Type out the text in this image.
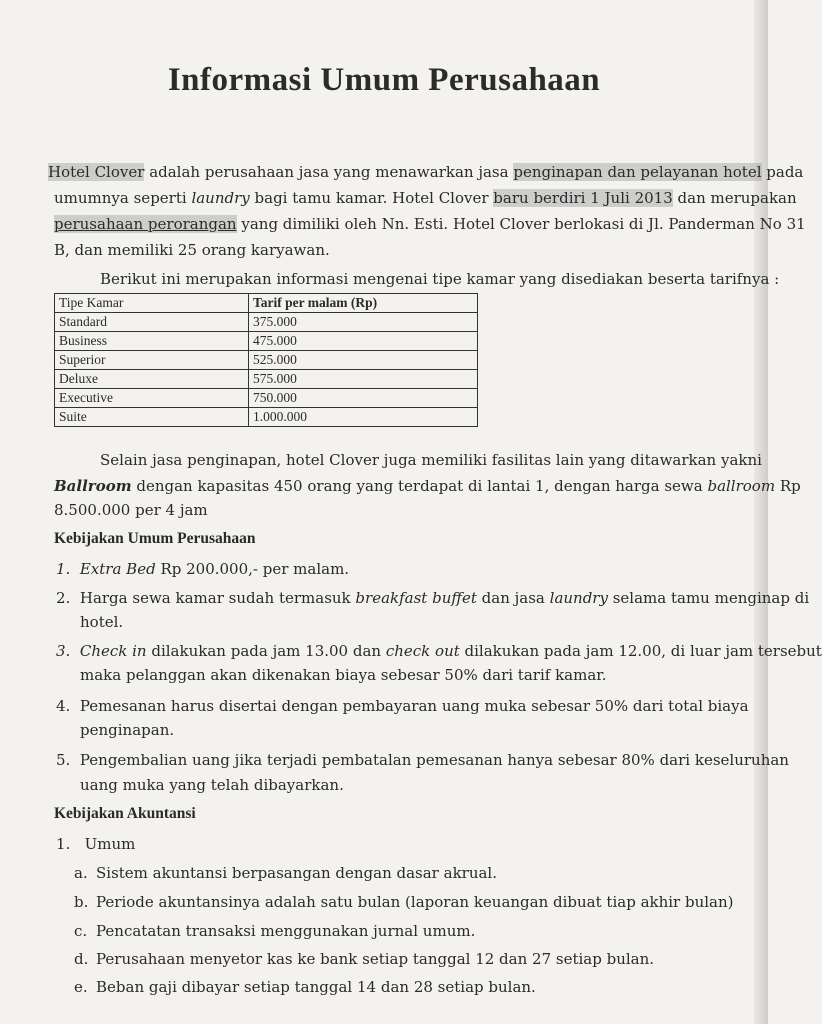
Informasi Umum Perusahaan
Hotel Clover adalah perusahaan jasa yang menawarkan jasa penginapan dan pelayanan hotel pada
umumnya seperti laundry bagi tamu kamar. Hotel Clover baru berdiri 1 Juli 2013 dan merupakan
perusahaan perorangan yang dimiliki oleh Nn. Esti. Hotel Clover berlokasi di Jl. Panderman No 31
B, dan memiliki 25 orang karyawan.
Berikut ini merupakan informasi mengenai tipe kamar yang disediakan beserta tarifnya :
Tipe Kamar	Tarif per malam (Rp)
Standard	375.000
Business	475.000
Superior	525.000
Deluxe	575.000
Executive	750.000
Suite	1.000.000
Selain jasa penginapan, hotel Clover juga memiliki fasilitas lain yang ditawarkan yakni
Ballroom dengan kapasitas 450 orang yang terdapat di lantai 1, dengan harga sewa ballroom Rp
8.500.000 per 4 jam
Kebijakan Umum Perusahaan
1. Extra Bed Rp 200.000,- per malam.
2. Harga sewa kamar sudah termasuk breakfast buffet dan jasa laundry selama tamu menginap di
hotel.
3. Check in dilakukan pada jam 13.00 dan check out dilakukan pada jam 12.00, di luar jam tersebut
maka pelanggan akan dikenakan biaya sebesar 50% dari tarif kamar.
4. Pemesanan harus disertai dengan pembayaran uang muka sebesar 50% dari total biaya
penginapan.
5. Pengembalian uang jika terjadi pembatalan pemesanan hanya sebesar 80% dari keseluruhan
uang muka yang telah dibayarkan.
Kebijakan Akuntansi
1. Umum
a. Sistem akuntansi berpasangan dengan dasar akrual.
b. Periode akuntansinya adalah satu bulan (laporan keuangan dibuat tiap akhir bulan)
c. Pencatatan transaksi menggunakan jurnal umum.
d. Perusahaan menyetor kas ke bank setiap tanggal 12 dan 27 setiap bulan.
e. Beban gaji dibayar setiap tanggal 14 dan 28 setiap bulan.
